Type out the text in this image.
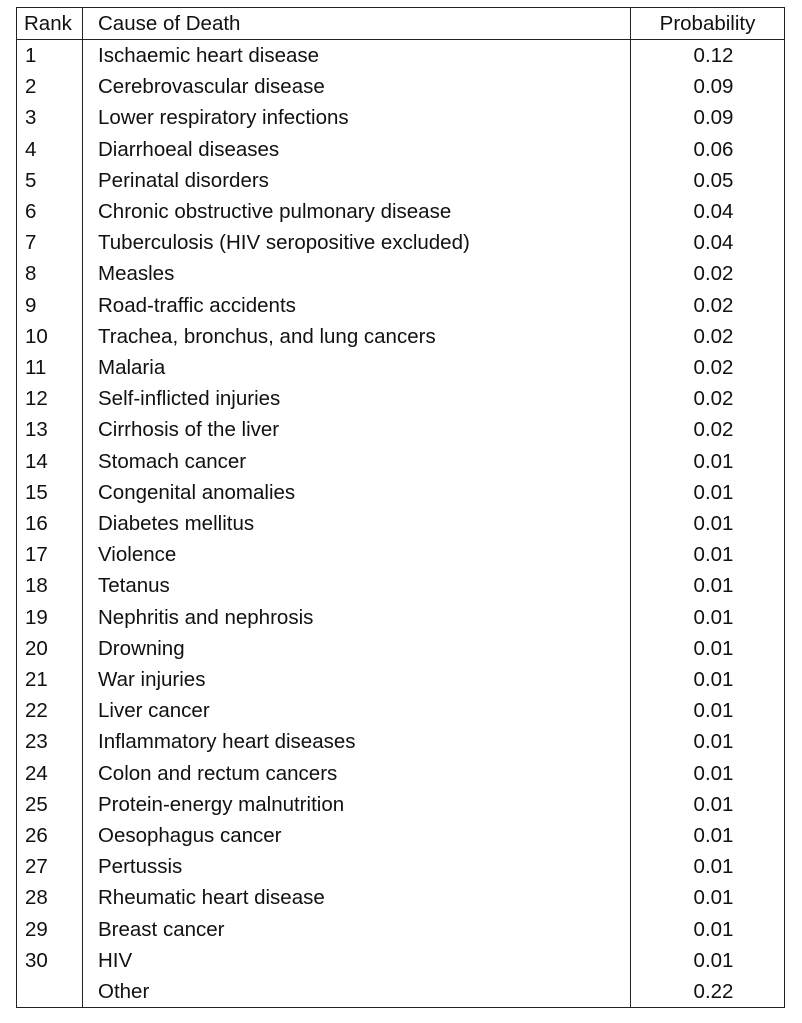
Rank	Cause of Death	Probability
1	Ischaemic heart disease	0.12
2	Cerebrovascular disease	0.09
3	Lower respiratory infections	0.09
4	Diarrhoeal diseases	0.06
5	Perinatal disorders	0.05
6	Chronic obstructive pulmonary disease	0.04
7	Tuberculosis (HIV seropositive excluded)	0.04
8	Measles	0.02
9	Road-traffic accidents	0.02
10	Trachea, bronchus, and lung cancers	0.02
11	Malaria	0.02
12	Self-inflicted injuries	0.02
13	Cirrhosis of the liver	0.02
14	Stomach cancer	0.01
15	Congenital anomalies	0.01
16	Diabetes mellitus	0.01
17	Violence	0.01
18	Tetanus	0.01
19	Nephritis and nephrosis	0.01
20	Drowning	0.01
21	War injuries	0.01
22	Liver cancer	0.01
23	Inflammatory heart diseases	0.01
24	Colon and rectum cancers	0.01
25	Protein-energy malnutrition	0.01
26	Oesophagus cancer	0.01
27	Pertussis	0.01
28	Rheumatic heart disease	0.01
29	Breast cancer	0.01
30	HIV	0.01
	Other	0.22
